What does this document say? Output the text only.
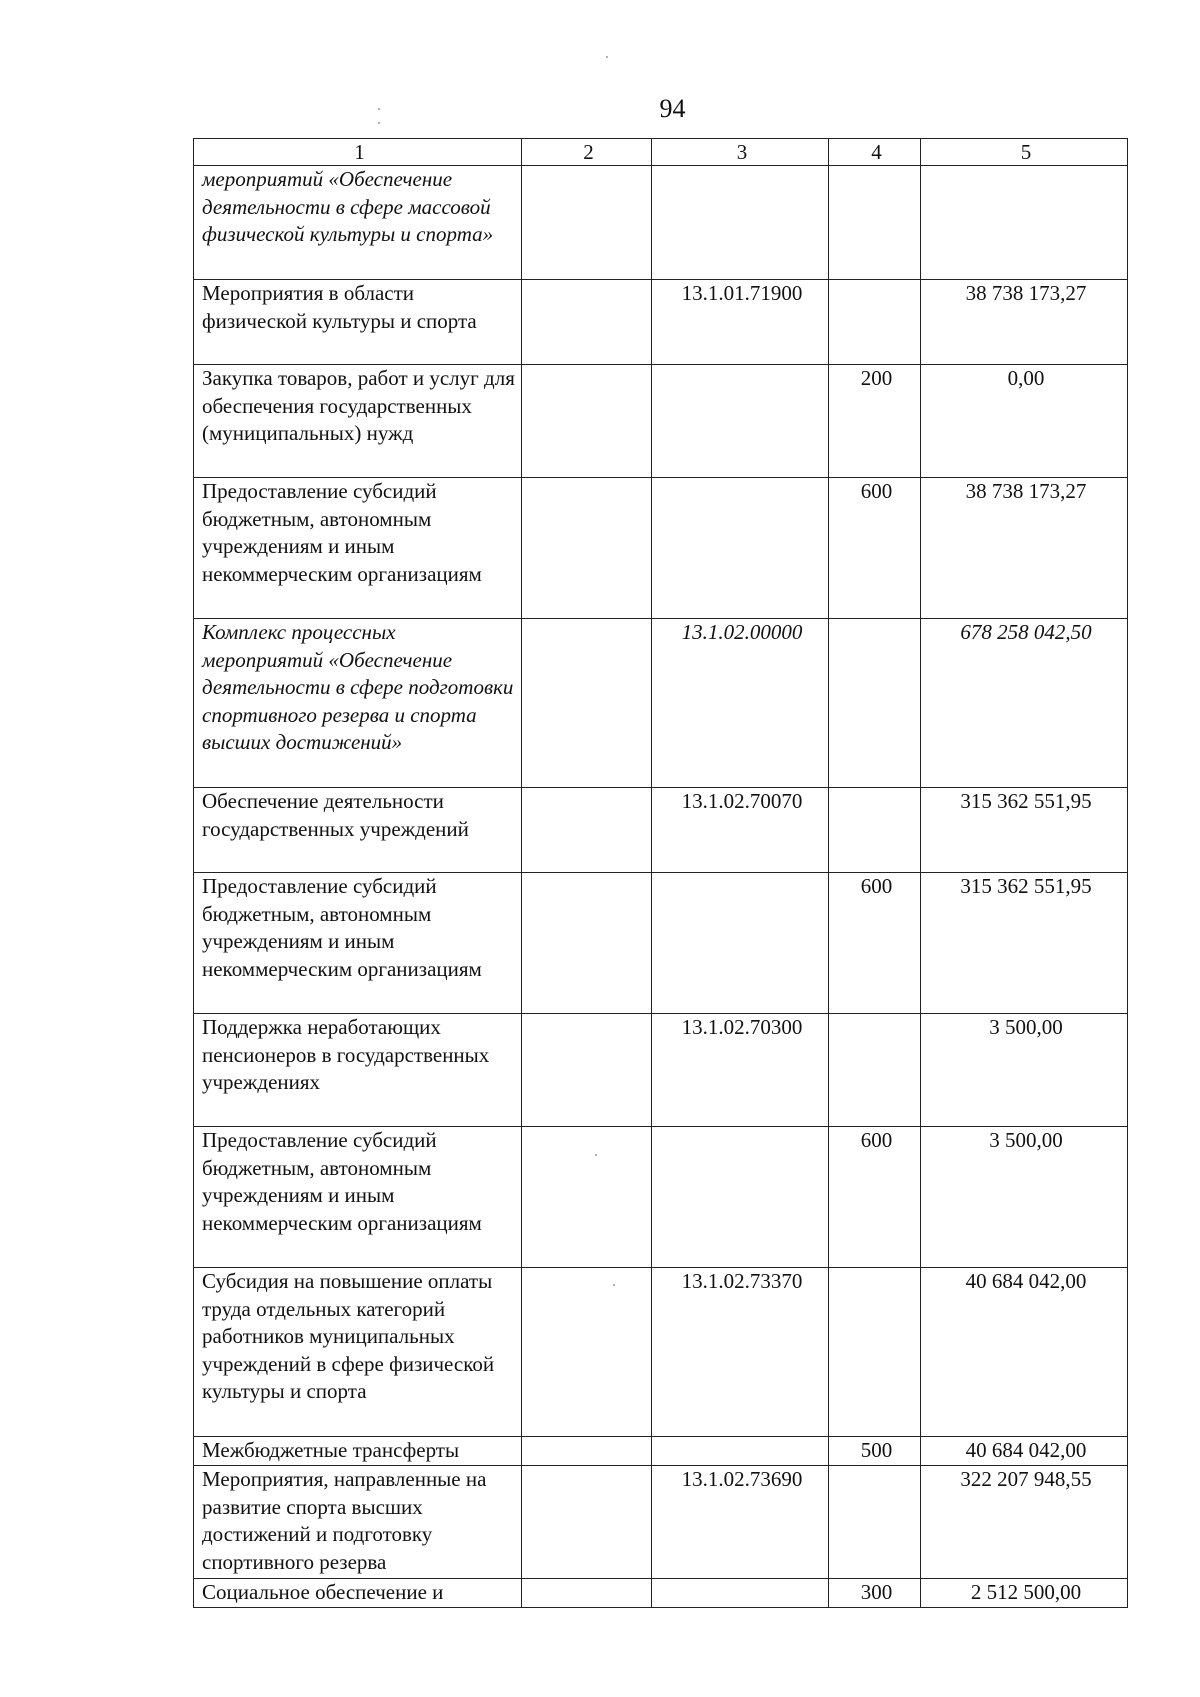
94
1	2	3	4	5
мероприятий «Обеспечение деятельности в сфере массовой физической культуры и спорта»				
Мероприятия в области физической культуры и спорта		13.1.01.71900		38 738 173,27
Закупка товаров, работ и услуг для обеспечения государственных (муниципальных) нужд			200	0,00
Предоставление субсидий бюджетным, автономным учреждениям и иным некоммерческим организациям			600	38 738 173,27
Комплекс процессных мероприятий «Обеспечение деятельности в сфере подготовки спортивного резерва и спорта высших достижений»		13.1.02.00000		678 258 042,50
Обеспечение деятельности государственных учреждений		13.1.02.70070		315 362 551,95
Предоставление субсидий бюджетным, автономным учреждениям и иным некоммерческим организациям			600	315 362 551,95
Поддержка неработающих пенсионеров в государственных учреждениях		13.1.02.70300		3 500,00
Предоставление субсидий бюджетным, автономным учреждениям и иным некоммерческим организациям			600	3 500,00
Субсидия на повышение оплаты труда отдельных категорий работников муниципальных учреждений в сфере физической культуры и спорта		13.1.02.73370		40 684 042,00
Межбюджетные трансферты			500	40 684 042,00
Мероприятия, направленные на развитие спорта высших достижений и подготовку спортивного резерва		13.1.02.73690		322 207 948,55
Социальное обеспечение и			300	2 512 500,00
